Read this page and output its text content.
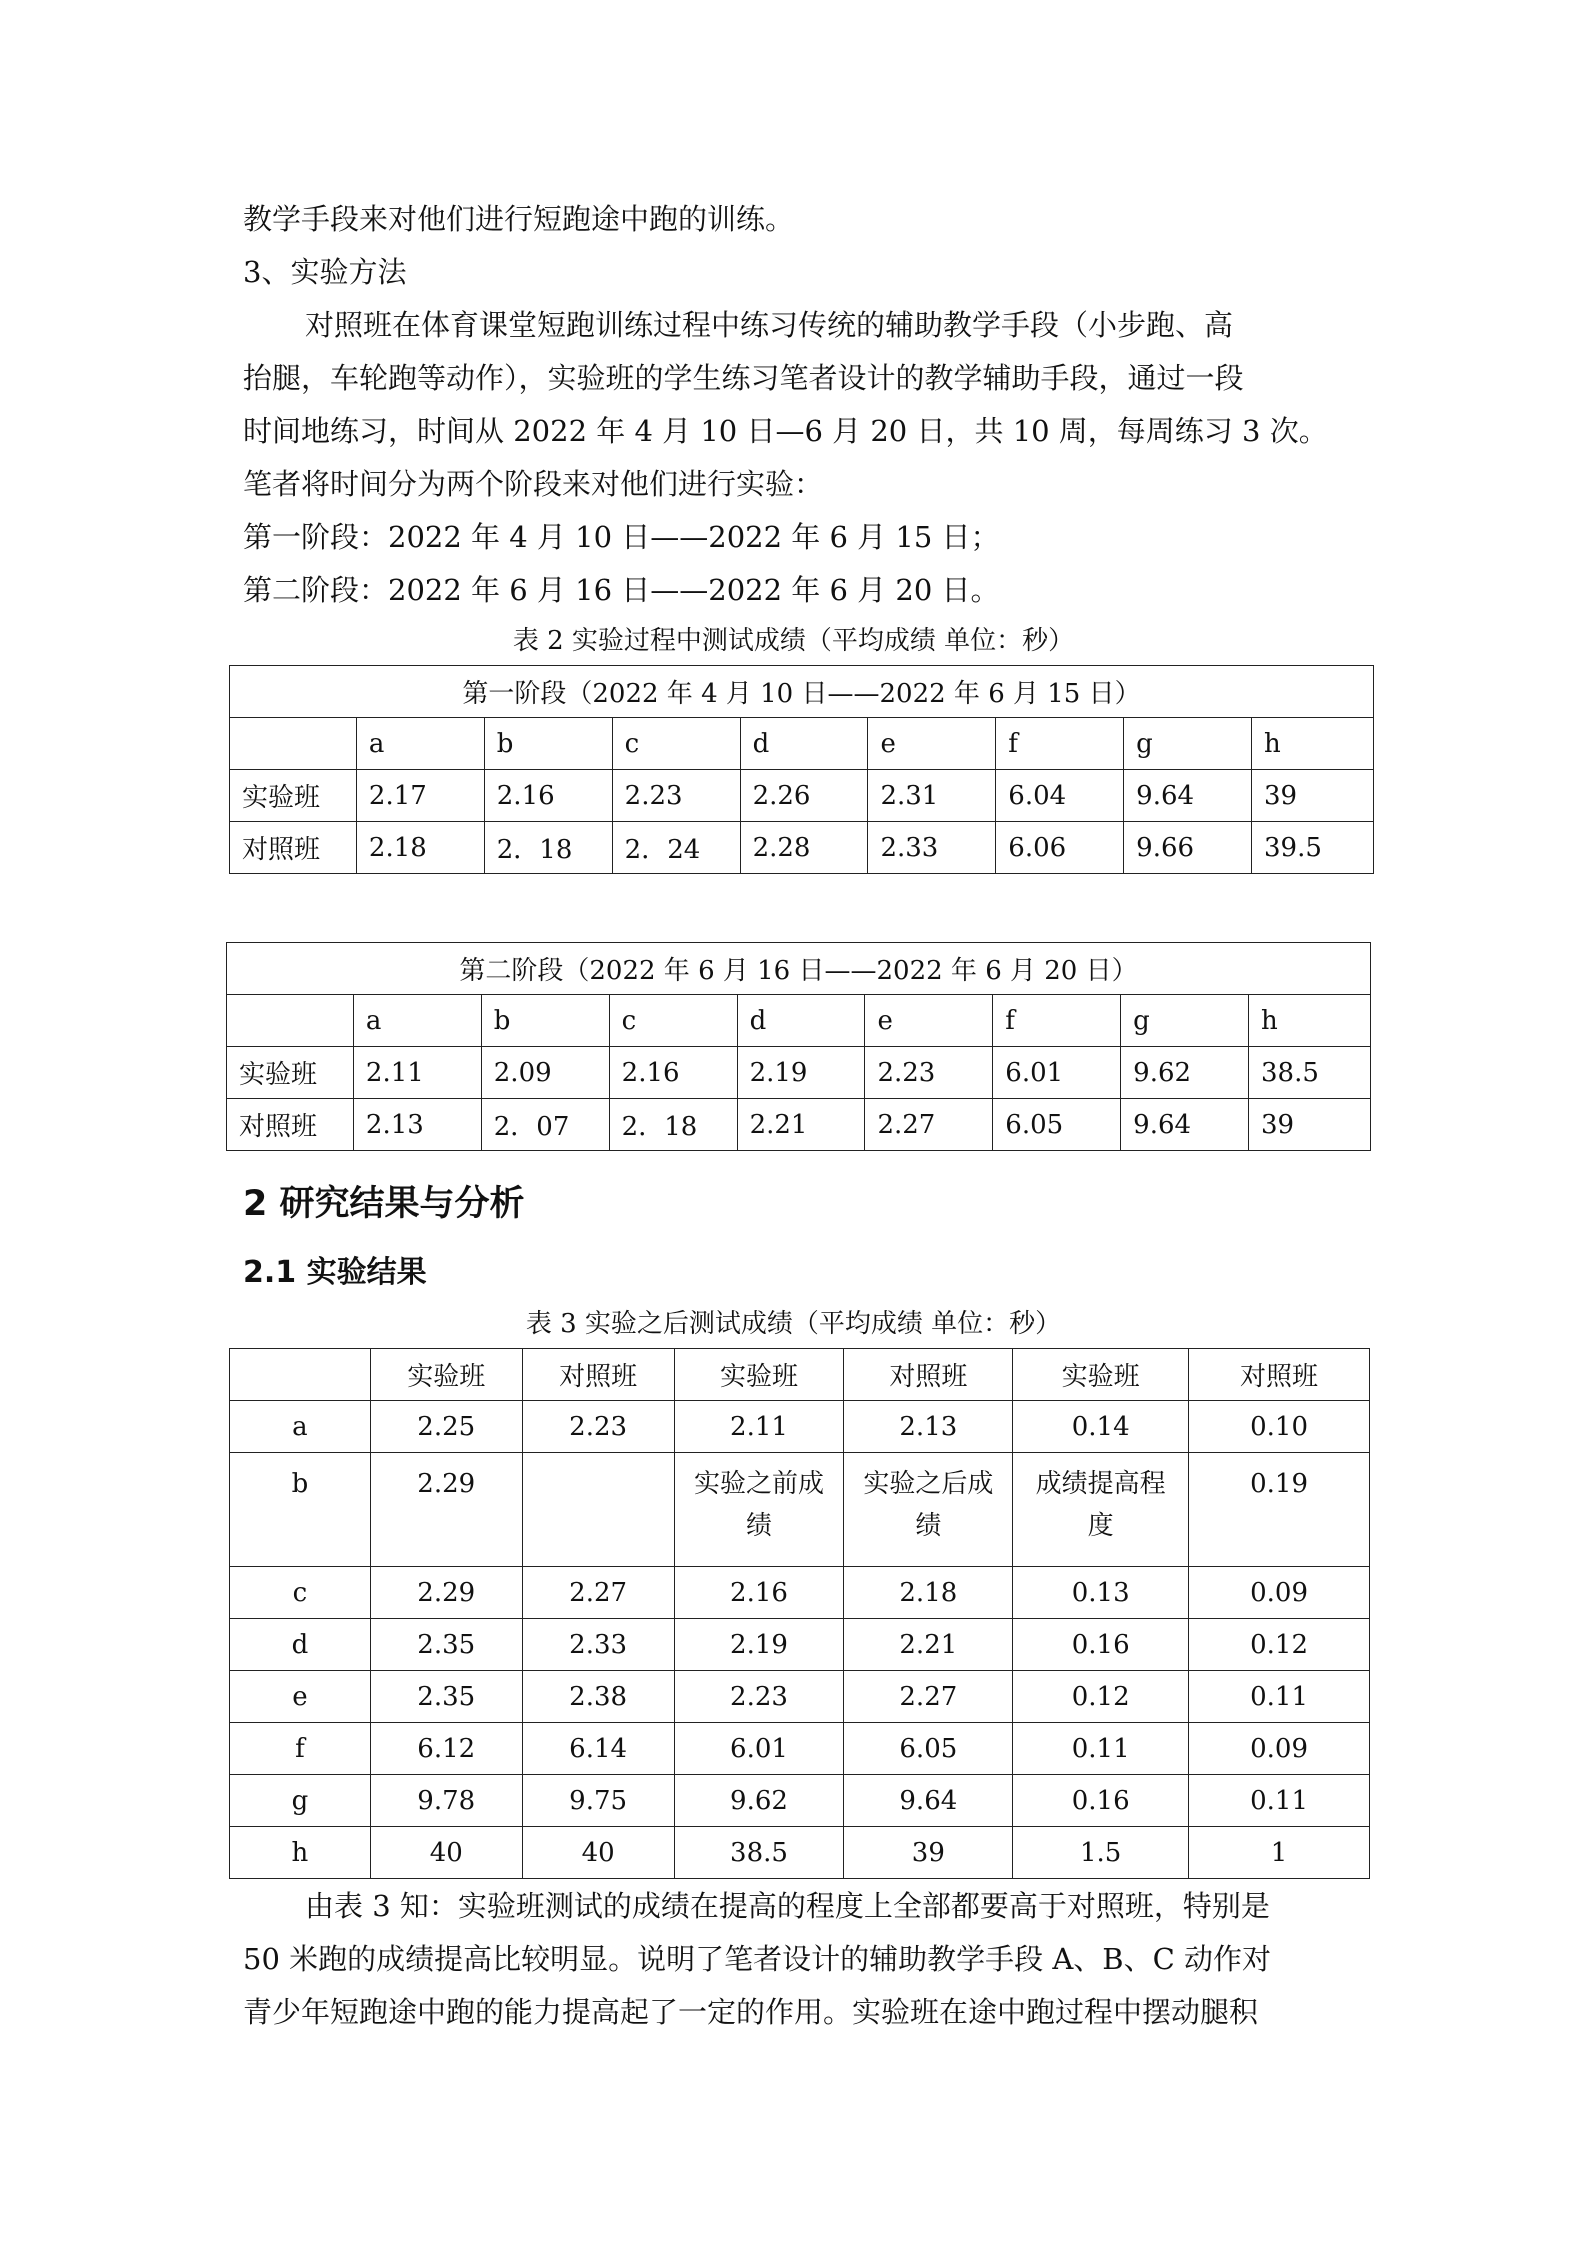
教学手段来对他们进行短跑途中跑的训练。

3、实验方法

对照班在体育课堂短跑训练过程中练习传统的辅助教学手段（小步跑、高

抬腿，车轮跑等动作），实验班的学生练习笔者设计的教学辅助手段，通过一段

时间地练习，时间从 2022 年 4 月 10 日—6 月 20 日，共 10 周，每周练习 3 次。

笔者将时间分为两个阶段来对他们进行实验：

第一阶段：2022 年 4 月 10 日——2022 年 6 月 15 日；

第二阶段：2022 年 6 月 16 日——2022 年 6 月 20 日。

表 2 实验过程中测试成绩（平均成绩 单位：秒）
第一阶段（2022 年 4 月 10 日——2022 年 6 月 15 日）								
	a	b	c	d	e	f	g	h
实验班	2.17	2.16	2.23	2.26	2.31	6.04	9.64	39
对照班	2.18	2．18	2．24	2.28	2.33	6.06	9.66	39.5
第二阶段（2022 年 6 月 16 日——2022 年 6 月 20 日）								
	a	b	c	d	e	f	g	h
实验班	2.11	2.09	2.16	2.19	2.23	6.01	9.62	38.5
对照班	2.13	2．07	2．18	2.21	2.27	6.05	9.64	39
2 研究结果与分析
2.1 实验结果
表 3 实验之后测试成绩（平均成绩 单位：秒）
	实验班	对照班	实验班	对照班	实验班	对照班
a	2.25	2.23	2.11	2.13	0.14	0.10
b	2.29		实验之前成绩	实验之后成绩	成绩提高程度	0.19
c	2.29	2.27	2.16	2.18	0.13	0.09
d	2.35	2.33	2.19	2.21	0.16	0.12
e	2.35	2.38	2.23	2.27	0.12	0.11
f	6.12	6.14	6.01	6.05	0.11	0.09
g	9.78	9.75	9.62	9.64	0.16	0.11
h	40	40	38.5	39	1.5	1

由表 3 知：实验班测试的成绩在提高的程度上全部都要高于对照班，特别是

50 米跑的成绩提高比较明显。说明了笔者设计的辅助教学手段 A、B、C 动作对

青少年短跑途中跑的能力提高起了一定的作用。实验班在途中跑过程中摆动腿积
